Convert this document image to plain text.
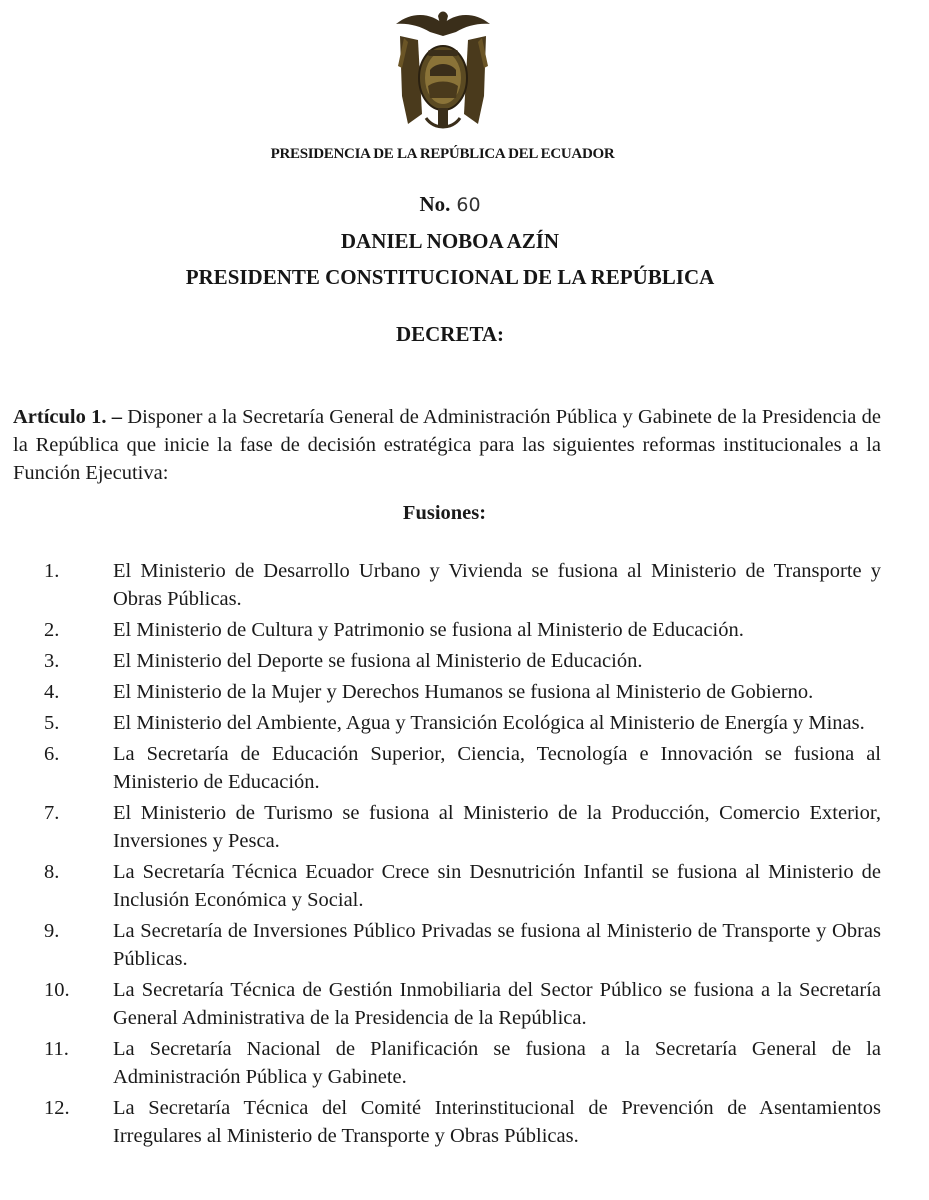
PRESIDENCIA DE LA REPÚBLICA DEL ECUADOR
No. 60
DANIEL NOBOA AZÍN
PRESIDENTE CONSTITUCIONAL DE LA REPÚBLICA
DECRETA:

Artículo 1. – Disponer a la Secretaría General de Administración Pública y Gabinete de la Presidencia de la República que inicie la fase de decisión estratégica para las siguientes reformas institucionales a la Función Ejecutiva:

Fusiones:
1.	El Ministerio de Desarrollo Urbano y Vivienda se fusiona al Ministerio de Transporte y Obras Públicas.
2.	El Ministerio de Cultura y Patrimonio se fusiona al Ministerio de Educación.
3.	El Ministerio del Deporte se fusiona al Ministerio de Educación.
4.	El Ministerio de la Mujer y Derechos Humanos se fusiona al Ministerio de Gobierno.
5.	El Ministerio del Ambiente, Agua y Transición Ecológica al Ministerio de Energía y Minas.
6.	La Secretaría de Educación Superior, Ciencia, Tecnología e Innovación se fusiona al Ministerio de Educación.
7.	El Ministerio de Turismo se fusiona al Ministerio de la Producción, Comercio Exterior, Inversiones y Pesca.
8.	La Secretaría Técnica Ecuador Crece sin Desnutrición Infantil se fusiona al Ministerio de Inclusión Económica y Social.
9.	La Secretaría de Inversiones Público Privadas se fusiona al Ministerio de Transporte y Obras Públicas.
10. La Secretaría Técnica de Gestión Inmobiliaria del Sector Público se fusiona a la Secretaría General Administrativa de la Presidencia de la República.
11. La Secretaría Nacional de Planificación se fusiona a la Secretaría General de la Administración Pública y Gabinete.
12. La Secretaría Técnica del Comité Interinstitucional de Prevención de Asentamientos Irregulares al Ministerio de Transporte y Obras Públicas.
